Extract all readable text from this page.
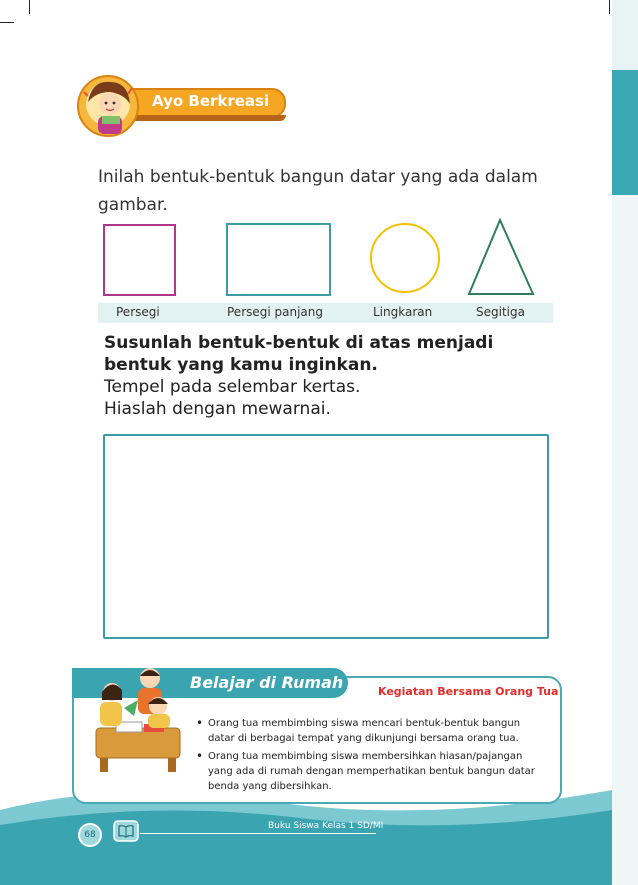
Ayo Berkreasi
Inilah bentuk-bentuk bangun datar yang ada dalam gambar.
Persegi	Persegi panjang	Lingkaran	Segitiga
Susunlah bentuk-bentuk di atas menjadi bentuk yang kamu inginkan.
Tempel pada selembar kertas.
Hiaslah dengan mewarnai.
Belajar di Rumah	Kegiatan Bersama Orang Tua
• Orang tua membimbing siswa mencari bentuk-bentuk bangun datar di berbagai tempat yang dikunjungi bersama orang tua.
• Orang tua membimbing siswa membersihkan hiasan/pajangan yang ada di rumah dengan memperhatikan bentuk bangun datar benda yang dibersihkan.
68
Buku Siswa Kelas 1 SD/MI
